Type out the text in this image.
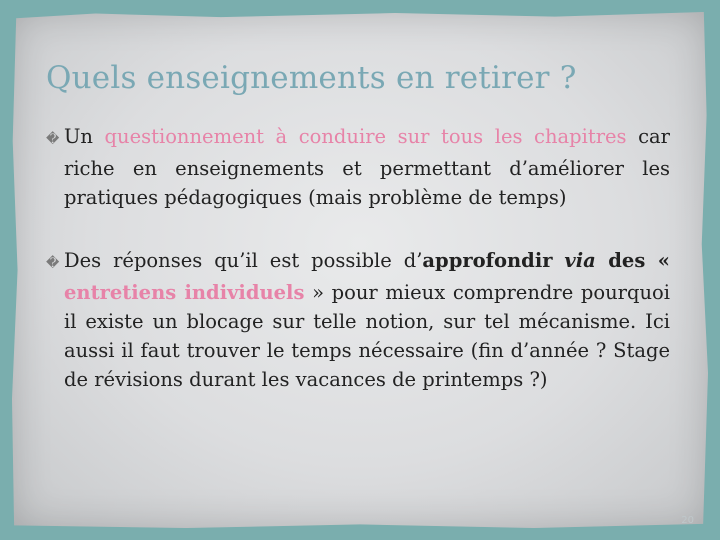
Quels enseignements en retirer ?

� Un questionnement à conduire sur tous les chapitres car riche en enseignements et permettant d’améliorer les pratiques pédagogiques (mais problème de temps)

� Des réponses qu’il est possible d’approfondir via des « entretiens individuels » pour mieux comprendre pourquoi il existe un blocage sur telle notion, sur tel mécanisme. Ici aussi il faut trouver le temps nécessaire (fin d’année ? Stage de révisions durant les vacances de printemps ?)

20
